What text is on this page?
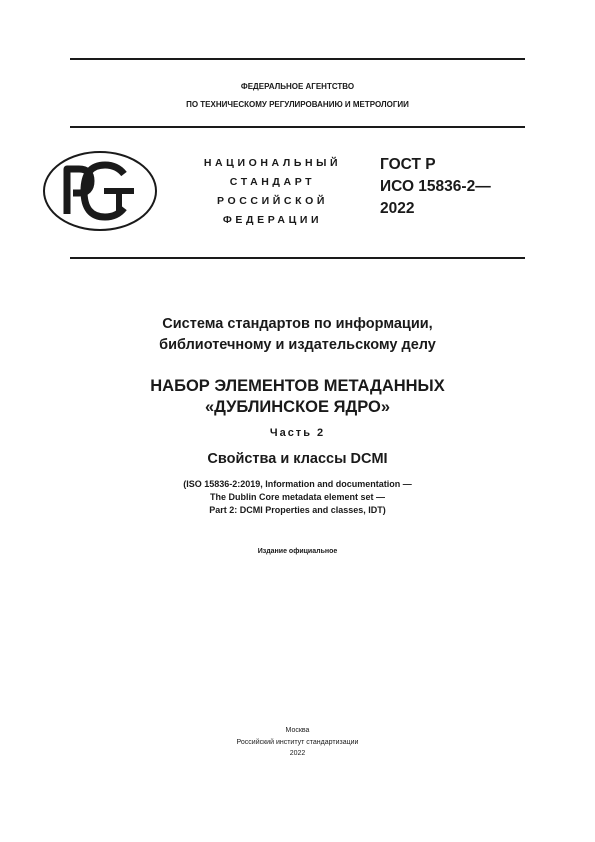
ФЕДЕРАЛЬНОЕ АГЕНТСТВО
ПО ТЕХНИЧЕСКОМУ РЕГУЛИРОВАНИЮ И МЕТРОЛОГИИ
НАЦИОНАЛЬНЫЙ
СТАНДАРТ
РОССИЙСКОЙ
ФЕДЕРАЦИИ
ГОСТ Р
ИСО 15836-2—
2022
Система стандартов по информации,
библиотечному и издательскому делу
НАБОР ЭЛЕМЕНТОВ МЕТАДАННЫХ
«ДУБЛИНСКОЕ ЯДРО»
Часть 2
Свойства и классы DCMI
(ISO 15836-2:2019, Information and documentation —
The Dublin Core metadata element set —
Part 2: DCMI Properties and classes, IDT)
Издание официальное
Москва
Российский институт стандартизации
2022
